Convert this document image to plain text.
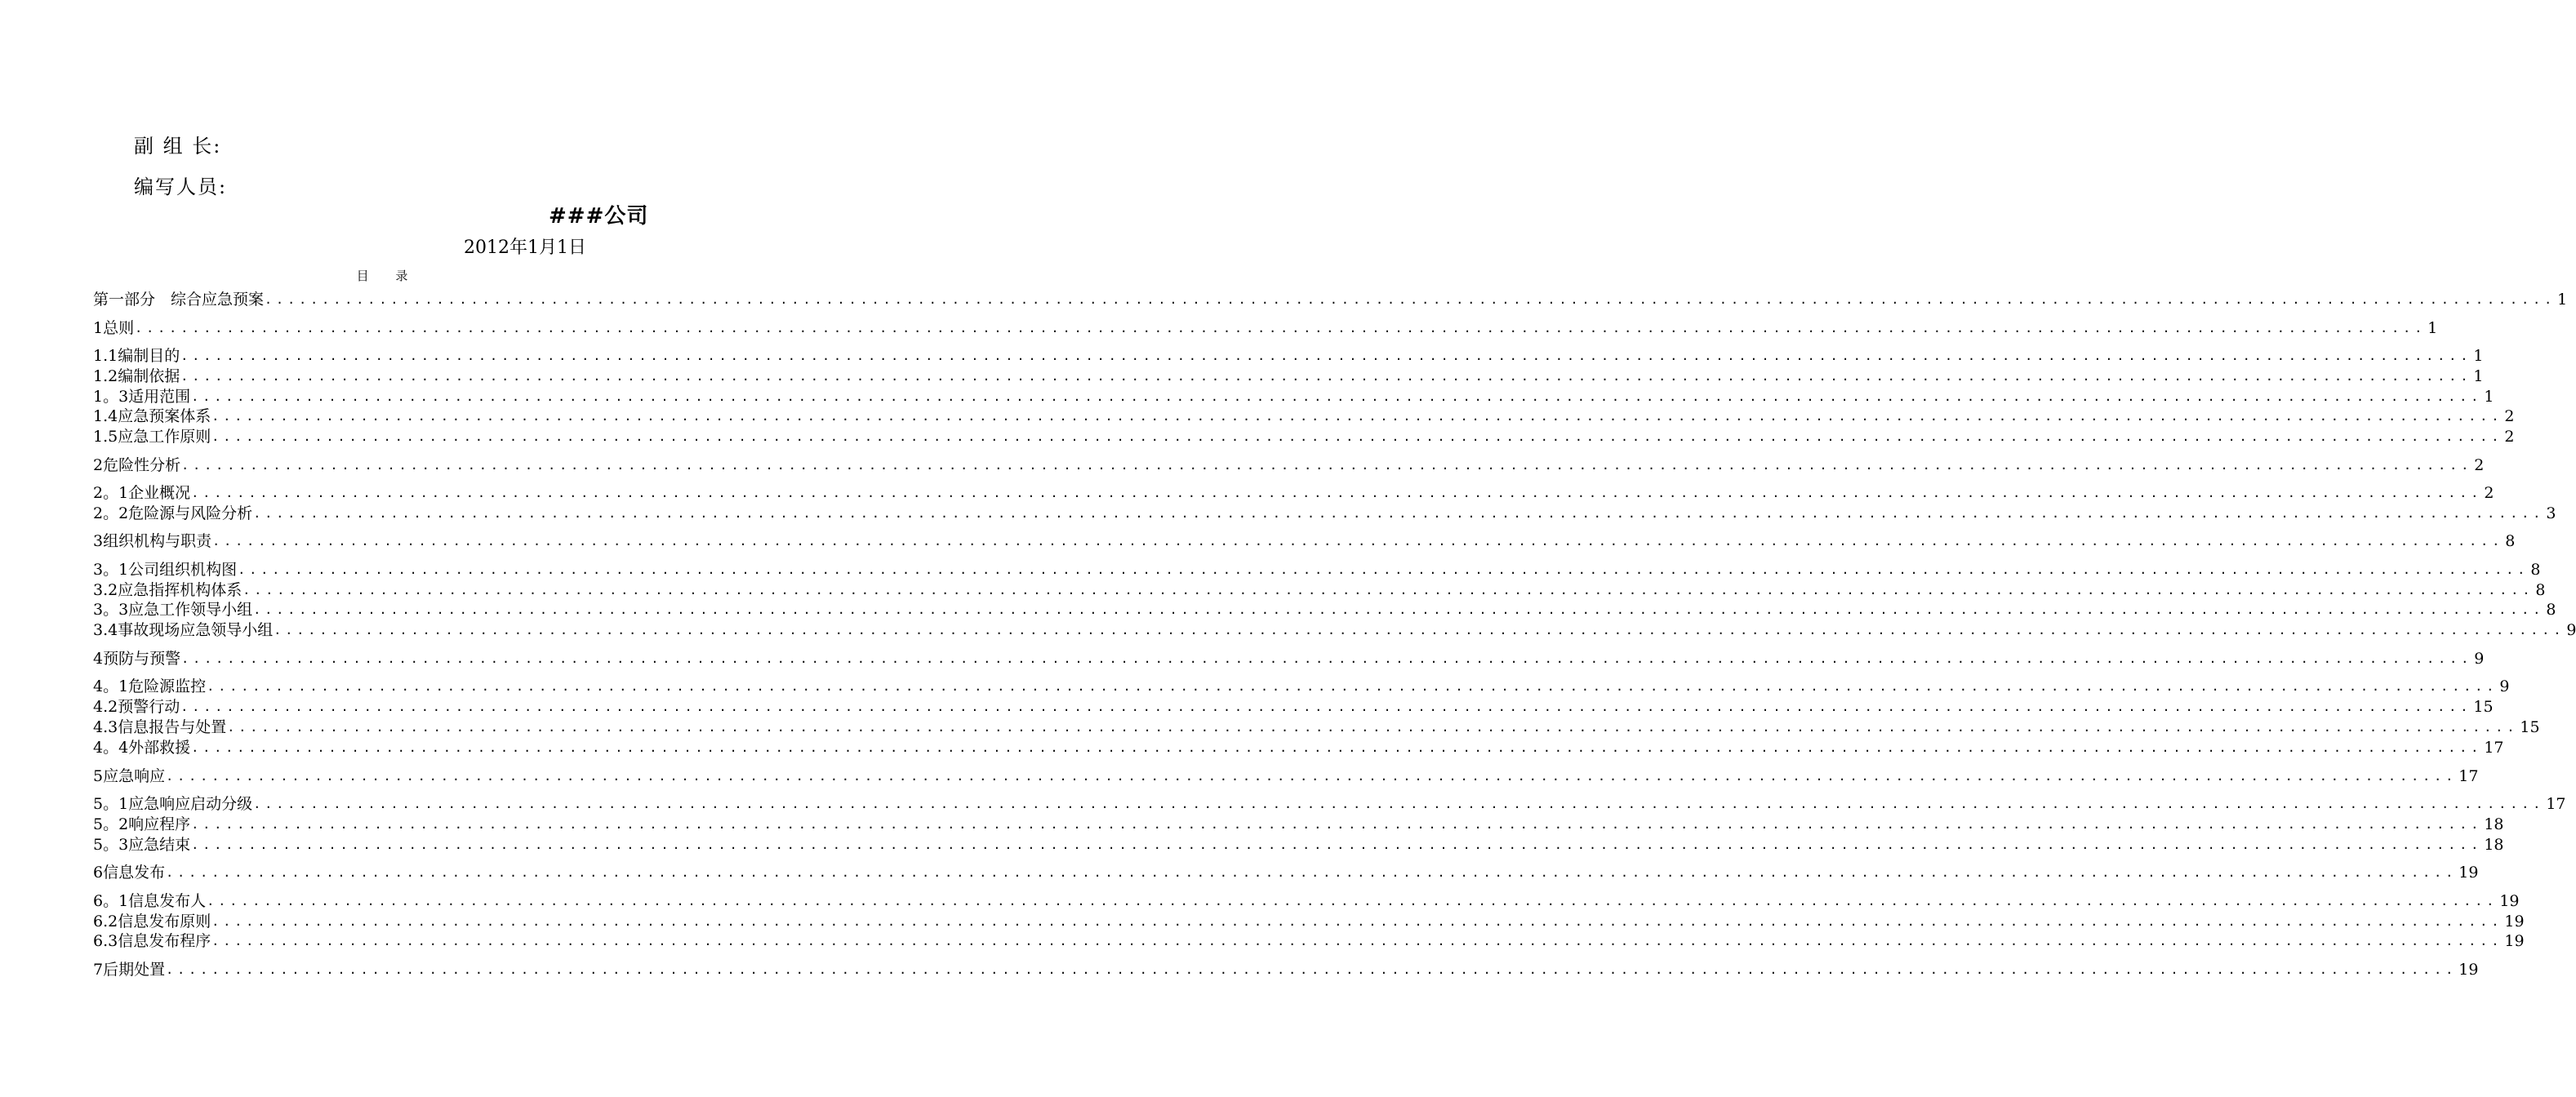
副 组 长:
编写人员:
###公司
2012年1月1日
目 录
第一部分　综合应急预案 ........................................................................................................................................................................................................ 1
1总则 ........................................................................................................................................................................................................ 1
1.1编制目的 ........................................................................................................................................................................................................ 1
1.2编制依据 ........................................................................................................................................................................................................ 1
1。3适用范围 ........................................................................................................................................................................................................ 1
1.4应急预案体系 ........................................................................................................................................................................................................ 2
1.5应急工作原则 ........................................................................................................................................................................................................ 2
2危险性分析 ........................................................................................................................................................................................................ 2
2。1企业概况 ........................................................................................................................................................................................................ 2
2。2危险源与风险分析 ........................................................................................................................................................................................................ 3
3组织机构与职责 ........................................................................................................................................................................................................ 8
3。1公司组织机构图 ........................................................................................................................................................................................................ 8
3.2应急指挥机构体系 ........................................................................................................................................................................................................ 8
3。3应急工作领导小组 ........................................................................................................................................................................................................ 8
3.4事故现场应急领导小组 ........................................................................................................................................................................................................ 9
4预防与预警 ........................................................................................................................................................................................................ 9
4。1危险源监控 ........................................................................................................................................................................................................ 9
4.2预警行动 ........................................................................................................................................................................................................ 15
4.3信息报告与处置 ........................................................................................................................................................................................................ 15
4。4外部救援 ........................................................................................................................................................................................................ 17
5应急响应 ........................................................................................................................................................................................................ 17
5。1应急响应启动分级 ........................................................................................................................................................................................................ 17
5。2响应程序 ........................................................................................................................................................................................................ 18
5。3应急结束 ........................................................................................................................................................................................................ 18
6信息发布 ........................................................................................................................................................................................................ 19
6。1信息发布人 ........................................................................................................................................................................................................ 19
6.2信息发布原则 ........................................................................................................................................................................................................ 19
6.3信息发布程序 ........................................................................................................................................................................................................ 19
7后期处置 ........................................................................................................................................................................................................ 19
